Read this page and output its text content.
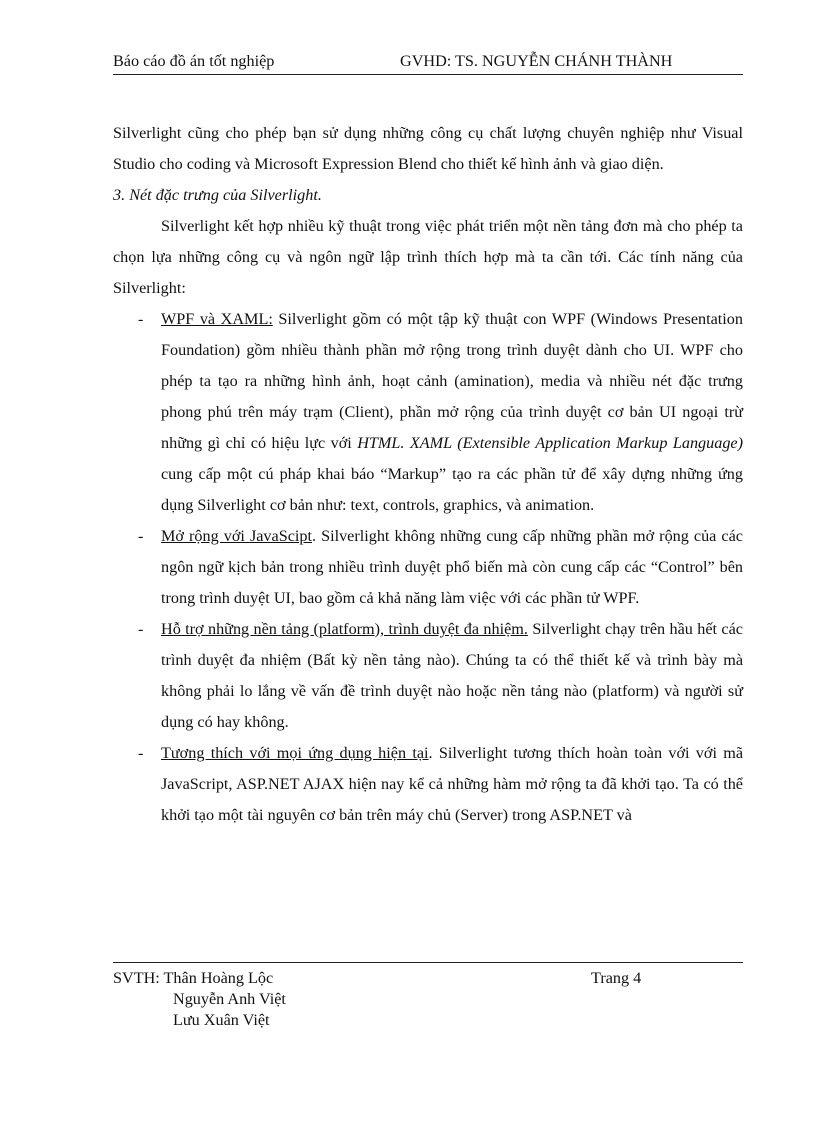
Báo cáo đồ án tốt nghiệp	GVHD: TS. NGUYỄN CHÁNH THÀNH

Silverlight cũng cho phép bạn sử dụng những công cụ chất lượng chuyên nghiệp như Visual Studio cho coding và Microsoft Expression Blend cho thiết kế hình ảnh và giao diện.

3. Nét đặc trưng của Silverlight.

Silverlight kết hợp nhiều kỹ thuật trong việc phát triển một nền tảng đơn mà cho phép ta chọn lựa những công cụ và ngôn ngữ lập trình thích hợp mà ta cần tới. Các tính năng của Silverlight:

- WPF và XAML: Silverlight gồm có một tập kỹ thuật con WPF (Windows Presentation Foundation) gồm nhiều thành phần mở rộng trong trình duyệt dành cho UI. WPF cho phép ta tạo ra những hình ảnh, hoạt cảnh (amination), media và nhiều nét đặc trưng phong phú trên máy trạm (Client), phần mở rộng của trình duyệt cơ bản UI ngoại trừ những gì chỉ có hiệu lực với HTML. XAML (Extensible Application Markup Language) cung cấp một cú pháp khai báo “Markup” tạo ra các phần tử để xây dựng những ứng dụng Silverlight cơ bản như: text, controls, graphics, và animation.
- Mở rộng với JavaScipt. Silverlight không những cung cấp những phần mở rộng của các ngôn ngữ kịch bản trong nhiều trình duyệt phổ biến mà còn cung cấp các “Control” bên trong trình duyệt UI, bao gồm cả khả năng làm việc với các phần tử WPF.
- Hỗ trợ những nền tảng (platform), trình duyệt đa nhiệm. Silverlight chạy trên hầu hết các trình duyệt đa nhiệm (Bất kỳ nền tảng nào). Chúng ta có thể thiết kế và trình bày mà không phải lo lắng về vấn đề trình duyệt nào hoặc nền tảng nào (platform) và người sử dụng có hay không.
- Tương thích với mọi ứng dụng hiện tại. Silverlight tương thích hoàn toàn với với mã JavaScript, ASP.NET AJAX hiện nay kể cả những hàm mở rộng ta đã khởi tạo. Ta có thể khởi tạo một tài nguyên cơ bản trên máy chủ (Server) trong ASP.NET và
SVTH: Thân Hoàng Lộc
Nguyễn Anh Việt
Lưu Xuân Việt
Trang 4
